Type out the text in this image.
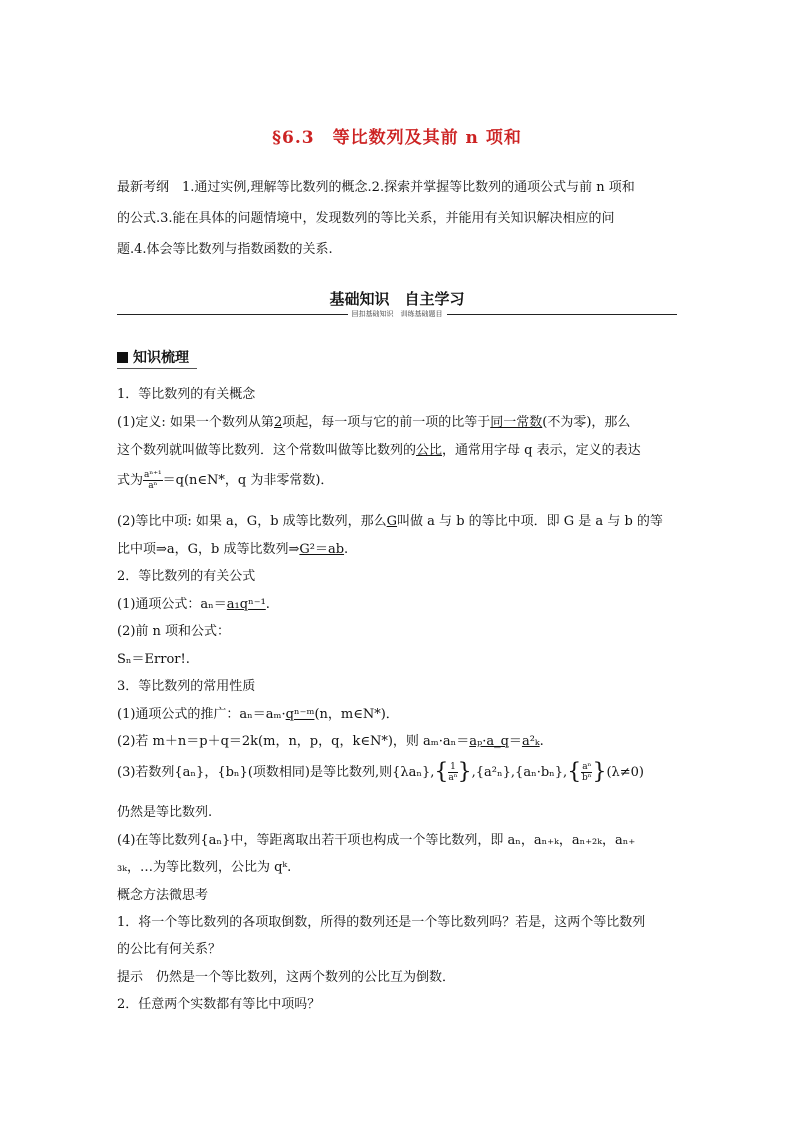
§6.3　等比数列及其前 n 项和
最新考纲　1.通过实例,理解等比数列的概念.2.探索并掌握等比数列的通项公式与前 n 项和
的公式.3.能在具体的问题情境中，发现数列的等比关系，并能用有关知识解决相应的问
题.4.体会等比数列与指数函数的关系.
基础知识　自主学习
回扣基础知识　训练基础题目
知识梳理
1．等比数列的有关概念
(1)定义: 如果一个数列从第2项起，每一项与它的前一项的比等于同一常数(不为零)，那么
这个数列就叫做等比数列．这个常数叫做等比数列的公比，通常用字母 q 表示，定义的表达
式为 $\frac{\text{aⁿ⁺¹}}{\text{aⁿ}}$ ＝q(n∈N*，q 为非零常数)．
(2)等比中项: 如果 a，G，b 成等比数列，那么G叫做 a 与 b 的等比中项．即 G 是 a 与 b 的等
比中项⇒a，G，b 成等比数列⇒G²＝ab.
2．等比数列的有关公式
(1)通项公式：aₙ＝a₁qⁿ⁻¹.
(2)前 n 项和公式：
Sₙ＝Error!.
3．等比数列的常用性质
(1)通项公式的推广：aₙ＝aₘ·qⁿ⁻ᵐ(n，m∈N*)．
(2)若 m＋n＝p＋q＝2k(m，n，p，q，k∈N*)，则 aₘ·aₙ＝aₚ·a_q＝a²ₖ.
(3)若数列{aₙ}，{bₙ}(项数相同)是等比数列,则$\{\lambda a_n\},\{ \frac{1}{\text{aⁿ}} \},\{a^2_n\},\{a_n\cdot b_n\},\{ \frac{\text{aⁿ}}{\text{bⁿ}} \}(\lambda\ne 0)$
仍然是等比数列.
(4)在等比数列{aₙ}中，等距离取出若干项也构成一个等比数列，即 aₙ，aₙ₊ₖ，aₙ₊₂ₖ，aₙ₊
₃ₖ，…为等比数列，公比为 qᵏ.
概念方法微思考
1．将一个等比数列的各项取倒数，所得的数列还是一个等比数列吗？若是，这两个等比数列
的公比有何关系？
提示　仍然是一个等比数列，这两个数列的公比互为倒数．
2．任意两个实数都有等比中项吗？
